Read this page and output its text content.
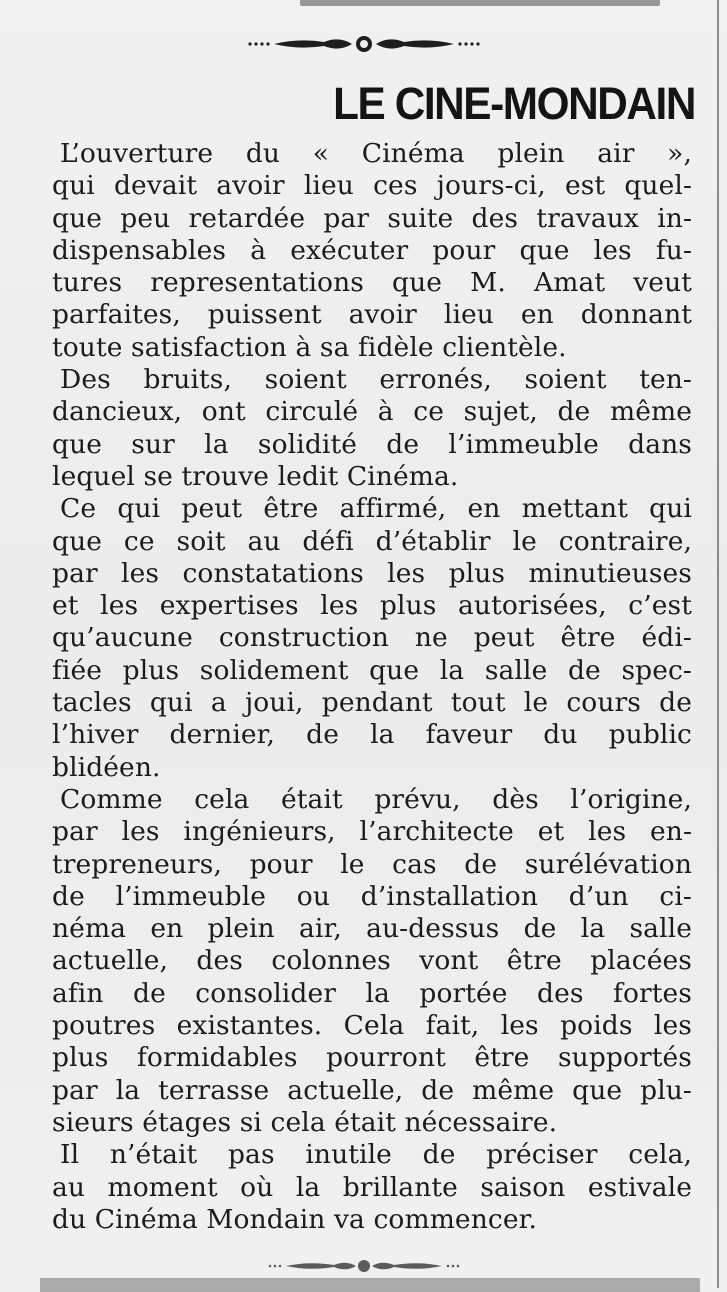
LE CINE-MONDAIN
L’ouverture du « Cinéma plein air »,
qui devait avoir lieu ces jours-ci, est quel-
que peu retardée par suite des travaux in-
dispensables à exécuter pour que les fu-
tures representations que M. Amat veut
parfaites, puissent avoir lieu en donnant
toute satisfaction à sa fidèle clientèle.
Des bruits, soient erronés, soient ten-
dancieux, ont circulé à ce sujet, de même
que sur la solidité de l’immeuble dans
lequel se trouve ledit Cinéma.
Ce qui peut être affirmé, en mettant qui
que ce soit au défi d’établir le contraire,
par les constatations les plus minutieuses
et les expertises les plus autorisées, c’est
qu’aucune construction ne peut être édi-
fiée plus solidement que la salle de spec-
tacles qui a joui, pendant tout le cours de
l’hiver dernier, de la faveur du public
blidéen.
Comme cela était prévu, dès l’origine,
par les ingénieurs, l’architecte et les en-
trepreneurs, pour le cas de surélévation
de l’immeuble ou d’installation d’un ci-
néma en plein air, au-dessus de la salle
actuelle, des colonnes vont être placées
afin de consolider la portée des fortes
poutres existantes. Cela fait, les poids les
plus formidables pourront être supportés
par la terrasse actuelle, de même que plu-
sieurs étages si cela était nécessaire.
Il n’était pas inutile de préciser cela,
au moment où la brillante saison estivale
du Cinéma Mondain va commencer.
